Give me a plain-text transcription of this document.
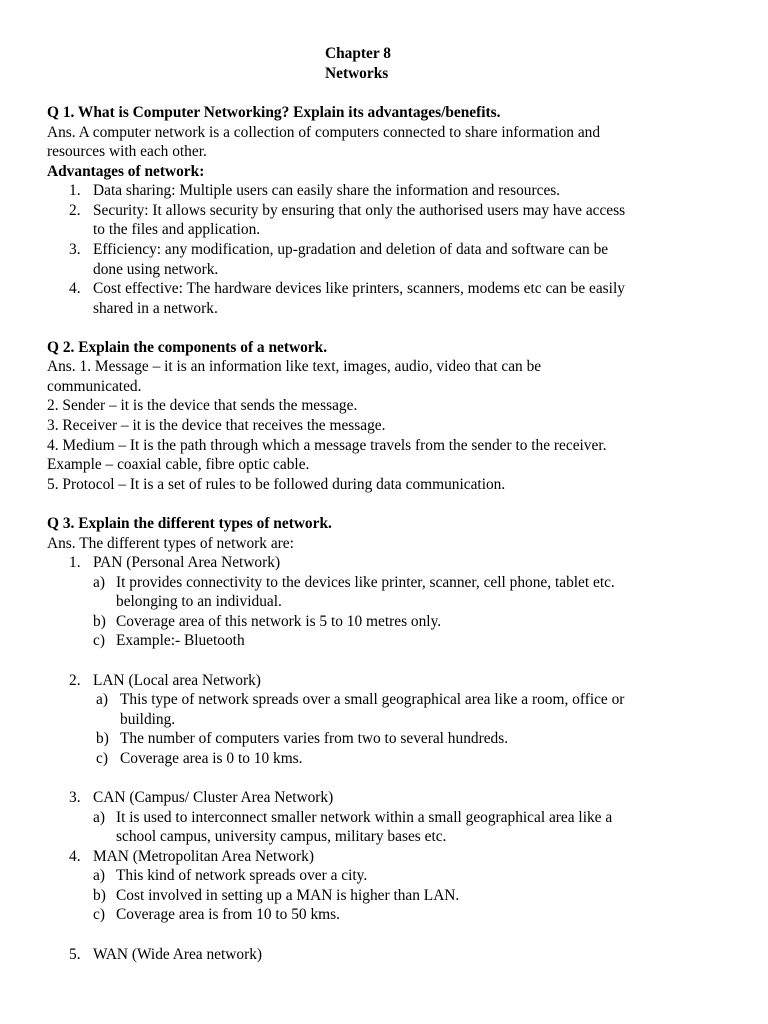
Chapter 8
Networks
Q 1. What is Computer Networking? Explain its advantages/benefits.
Ans. A computer network is a collection of computers connected to share information and
resources with each other.
Advantages of network:
1. Data sharing: Multiple users can easily share the information and resources.
2. Security: It allows security by ensuring that only the authorised users may have access
to the files and application.
3. Efficiency: any modification, up-gradation and deletion of data and software can be
done using network.
4. Cost effective: The hardware devices like printers, scanners, modems etc can be easily
shared in a network.
Q 2. Explain the components of a network.
Ans. 1. Message – it is an information like text, images, audio, video that can be
communicated.
2. Sender – it is the device that sends the message.
3. Receiver – it is the device that receives the message.
4. Medium – It is the path through which a message travels from the sender to the receiver.
Example – coaxial cable, fibre optic cable.
5. Protocol – It is a set of rules to be followed during data communication.
Q 3. Explain the different types of network.
Ans. The different types of network are:
1. PAN (Personal Area Network)
a) It provides connectivity to the devices like printer, scanner, cell phone, tablet etc.
belonging to an individual.
b) Coverage area of this network is 5 to 10 metres only.
c) Example:- Bluetooth
2. LAN (Local area Network)
a) This type of network spreads over a small geographical area like a room, office or
building.
b) The number of computers varies from two to several hundreds.
c) Coverage area is 0 to 10 kms.
3. CAN (Campus/ Cluster Area Network)
a) It is used to interconnect smaller network within a small geographical area like a
school campus, university campus, military bases etc.
4. MAN (Metropolitan Area Network)
a) This kind of network spreads over a city.
b) Cost involved in setting up a MAN is higher than LAN.
c) Coverage area is from 10 to 50 kms.
5. WAN (Wide Area network)
